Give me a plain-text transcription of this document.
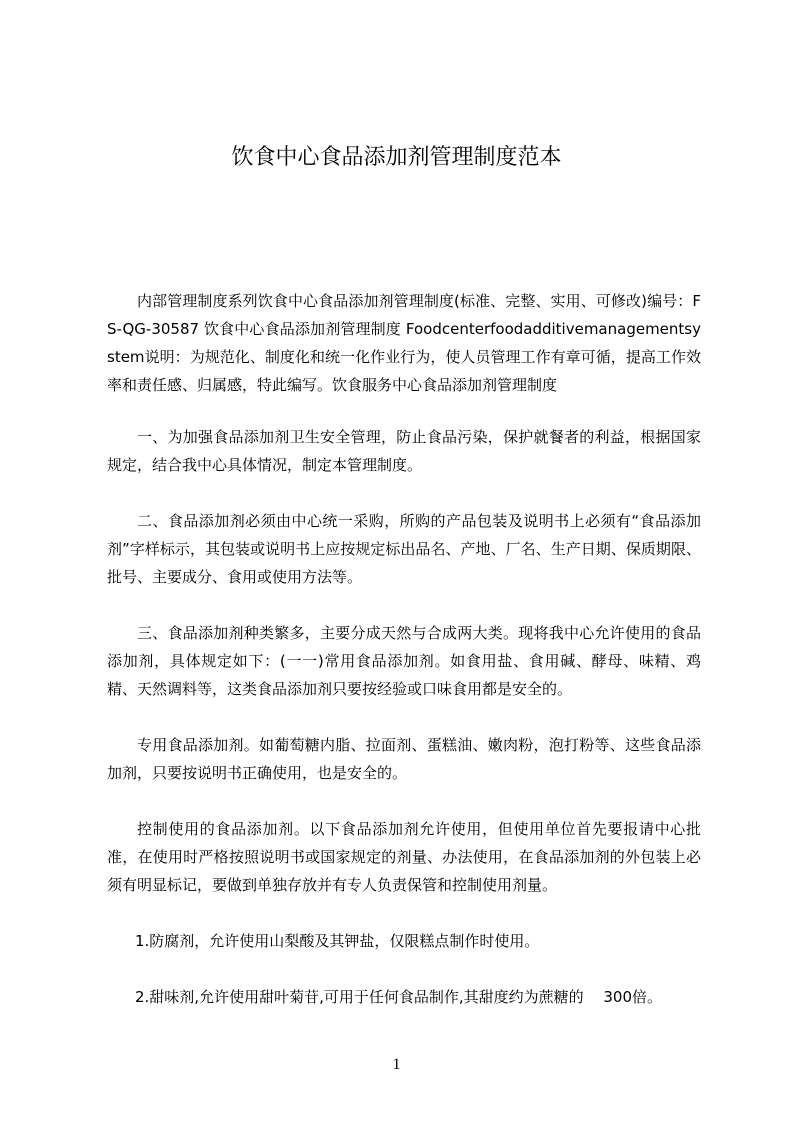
饮食中心食品添加剂管理制度范本

内部管理制度系列饮食中心食品添加剂管理制度(标准、完整、实用、可修改)编号：FS-QG-30587 饮食中心食品添加剂管理制度 Foodcenterfoodadditivemanagementsystem说明：为规范化、制度化和统一化作业行为，使人员管理工作有章可循，提高工作效率和责任感、归属感，特此编写。饮食服务中心食品添加剂管理制度

一、为加强食品添加剂卫生安全管理，防止食品污染，保护就餐者的利益，根据国家规定，结合我中心具体情况，制定本管理制度。

二、食品添加剂必须由中心统一采购，所购的产品包装及说明书上必须有“食品添加剂”字样标示，其包装或说明书上应按规定标出品名、产地、厂名、生产日期、保质期限、批号、主要成分、食用或使用方法等。

三、食品添加剂种类繁多，主要分成天然与合成两大类。现将我中心允许使用的食品添加剂，具体规定如下：(一一)常用食品添加剂。如食用盐、食用碱、酵母、味精、鸡精、天然调料等，这类食品添加剂只要按经验或口味食用都是安全的。

专用食品添加剂。如葡萄糖内脂、拉面剂、蛋糕油、嫩肉粉，泡打粉等、这些食品添加剂，只要按说明书正确使用，也是安全的。

控制使用的食品添加剂。以下食品添加剂允许使用，但使用单位首先要报请中心批准，在使用时严格按照说明书或国家规定的剂量、办法使用，在食品添加剂的外包装上必须有明显标记，要做到单独存放并有专人负责保管和控制使用剂量。

1.防腐剂，允许使用山梨酸及其钾盐，仅限糕点制作时使用。

2.甜味剂,允许使用甜叶菊苷,可用于任何食品制作,其甜度约为蔗糖的　 300倍。

1
